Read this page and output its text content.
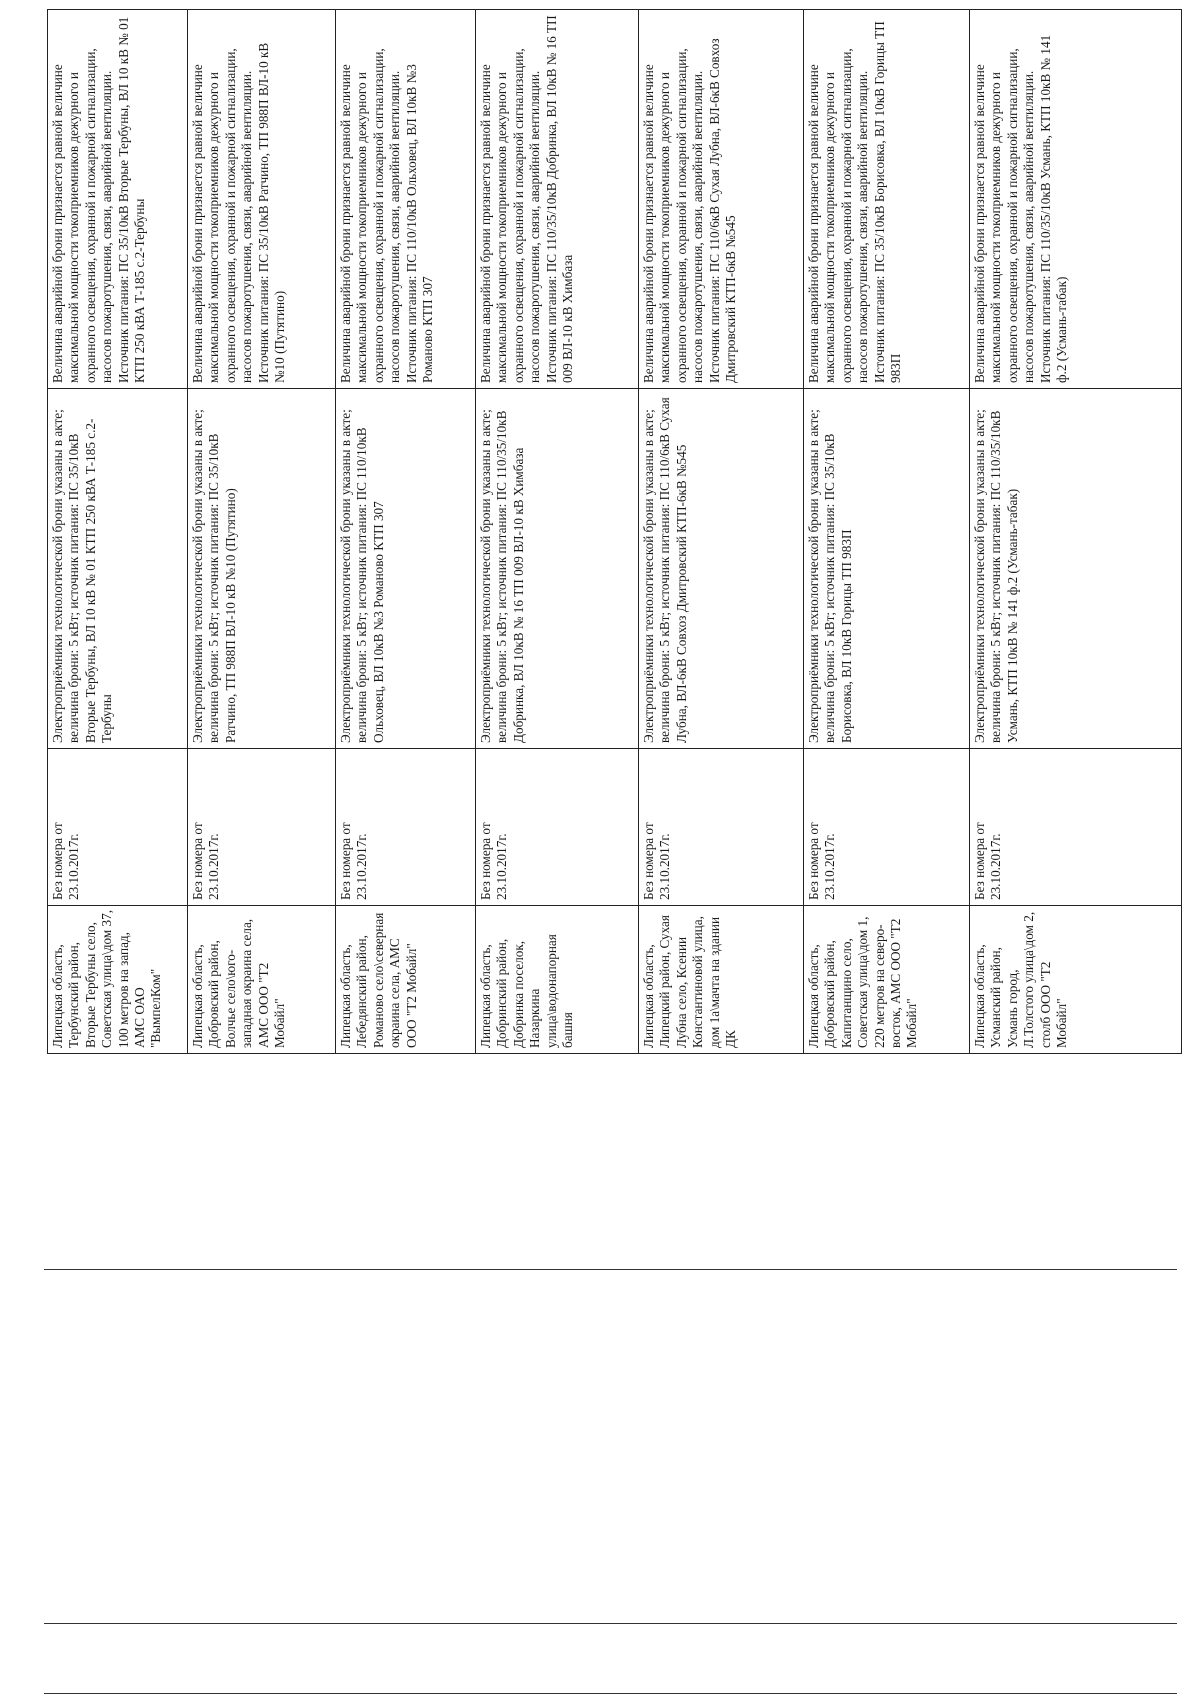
Липецкая область, Тербунский район, Вторые Тербуны село, Советская улица\дом 37, 100 метров на запад, АМС ОАО "ВымпелКом"	Без номера от 23.10.2017г.	Электроприёмники технологической брони указаны в акте; величина брони: 5 кВт; источник питания: ПС 35/10кВ Вторые Тербуны, ВЛ 10 кВ № 01 КТП 250 кВА Т-185 с.2-Тербуны	Величина аварийной брони признается равной величине максимальной мощности токоприемников дежурного и охранного освещения, охранной и пожарной сигнализации, насосов пожаротушения, связи, аварийной вентиляции. Источник питания: ПС 35/10кВ Вторые Тербуны, ВЛ 10 кВ № 01 КТП 250 кВА Т-185 с.2-Тербуны
Липецкая область, Добровский район, Волчье село\юго-западная окраина села, АМС ООО "Т2 Мобайл"	Без номера от 23.10.2017г.	Электроприёмники технологической брони указаны в акте; величина брони: 5 кВт; источник питания: ПС 35/10кВ Ратчино, ТП 988П ВЛ-10 кВ №10 (Путятино)	Величина аварийной брони признается равной величине максимальной мощности токоприемников дежурного и охранного освещения, охранной и пожарной сигнализации, насосов пожаротушения, связи, аварийной вентиляции. Источник питания: ПС 35/10кВ Ратчино, ТП 988П ВЛ-10 кВ №10 (Путятино)
Липецкая область, Лебедянский район, Романово село\северная окраина села, АМС ООО "Т2 Мобайл"	Без номера от 23.10.2017г.	Электроприёмники технологической брони указаны в акте; величина брони: 5 кВт; источник питания: ПС 110/10кВ Ольховец, ВЛ 10кВ №3 Романово КТП 307	Величина аварийной брони признается равной величине максимальной мощности токоприемников дежурного и охранного освещения, охранной и пожарной сигнализации, насосов пожаротушения, связи, аварийной вентиляции. Источник питания: ПС 110/10кВ Ольховец, ВЛ 10кВ №3 Романово КТП 307
Липецкая область, Добринский район, Добринка поселок, Назаркина улица\водонапорная башня	Без номера от 23.10.2017г.	Электроприёмники технологической брони указаны в акте; величина брони: 5 кВт; источник питания: ПС 110/35/10кВ Добринка, ВЛ 10кВ № 16 ТП 009 ВЛ-10 кВ Химбаза	Величина аварийной брони признается равной величине максимальной мощности токоприемников дежурного и охранного освещения, охранной и пожарной сигнализации, насосов пожаротушения, связи, аварийной вентиляции. Источник питания: ПС 110/35/10кВ Добринка, ВЛ 10кВ № 16 ТП 009 ВЛ-10 кВ Химбаза
Липецкая область, Липецкий район, Сухая Лубна село, Ксении Константиновой улица, дом 1а\мачта на здании ДК	Без номера от 23.10.2017г.	Электроприёмники технологической брони указаны в акте; величина брони: 5 кВт; источник питания: ПС 110/6кВ Сухая Лубна, ВЛ-6кВ Совхоз Дмитровский КТП-6кВ №545	Величина аварийной брони признается равной величине максимальной мощности токоприемников дежурного и охранного освещения, охранной и пожарной сигнализации, насосов пожаротушения, связи, аварийной вентиляции. Источник питания: ПС 110/6кВ Сухая Лубна, ВЛ-6кВ Совхоз Дмитровский КТП-6кВ №545
Липецкая область, Добровский район, Капитанщино село, Советская улица\дом 1, 220 метров на северо-восток, АМС ООО "Т2 Мобайл"	Без номера от 23.10.2017г.	Электроприёмники технологической брони указаны в акте; величина брони: 5 кВт; источник питания: ПС 35/10кВ Борисовка, ВЛ 10кВ Горицы ТП 983П	Величина аварийной брони признается равной величине максимальной мощности токоприемников дежурного и охранного освещения, охранной и пожарной сигнализации, насосов пожаротушения, связи, аварийной вентиляции. Источник питания: ПС 35/10кВ Борисовка, ВЛ 10кВ Горицы ТП 983П
Липецкая область, Усманский район, Усмань город, Л.Толстого улица\дом 2, столб ООО "Т2 Мобайл"	Без номера от 23.10.2017г.	Электроприёмники технологической брони указаны в акте; величина брони: 5 кВт; источник питания: ПС 110/35/10кВ Усмань, КТП 10кВ № 141 ф.2 (Усмань-табак)	Величина аварийной брони признается равной величине максимальной мощности токоприемников дежурного и охранного освещения, охранной и пожарной сигнализации, насосов пожаротушения, связи, аварийной вентиляции. Источник питания: ПС 110/35/10кВ Усмань, КТП 10кВ № 141 ф.2 (Усмань-табак)
